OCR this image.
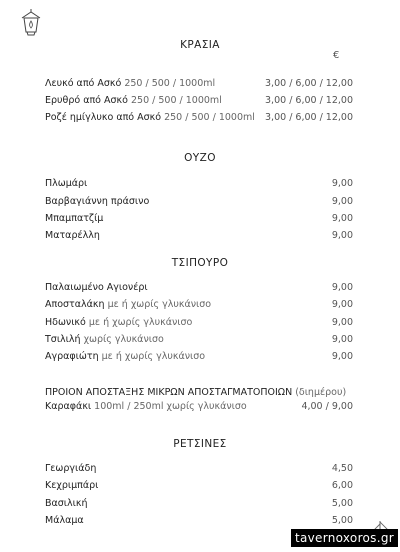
ΚΡΑΣΙΑ
€
Λευκό από Ασκό 250 / 500 / 1000ml	3,00 / 6,00 / 12,00
Ερυθρό από Ασκό 250 / 500 / 1000ml	3,00 / 6,00 / 12,00
Ροζέ ημίγλυκο από Ασκό 250 / 500 / 1000ml 3,00 / 6,00 / 12,00
ΟΥΖΟ
Πλωμάρι	9,00
Βαρβαγιάννη πράσινο	9,00
Μπαμπατζίμ	9,00
Ματαρέλλη	9,00
ΤΣΙΠΟΥΡΟ
Παλαιωμένο Αγιονέρι	9,00
Αποσταλάκη με ή χωρίς γλυκάνισο	9,00
Ηδωνικό με ή χωρίς γλυκάνισο	9,00
Τσιλιλή χωρίς γλυκάνισο	9,00
Αγραφιώτη με ή χωρίς γλυκάνισο	9,00
ΠΡΟΙΟΝ ΑΠΟΣΤΑΞΗΣ ΜΙΚΡΩΝ ΑΠΟΣΤΑΓΜΑΤΟΠΟΙΩΝ (διημέρου)
Καραφάκι 100ml / 250ml χωρίς γλυκάνισο	4,00 / 9,00
ΡΕΤΣΙΝΕΣ
Γεωργιάδη	4,50
Κεχριμπάρι	6,00
Βασιλική	5,00
Μάλαμα	5,00
tavernoxoros.gr
